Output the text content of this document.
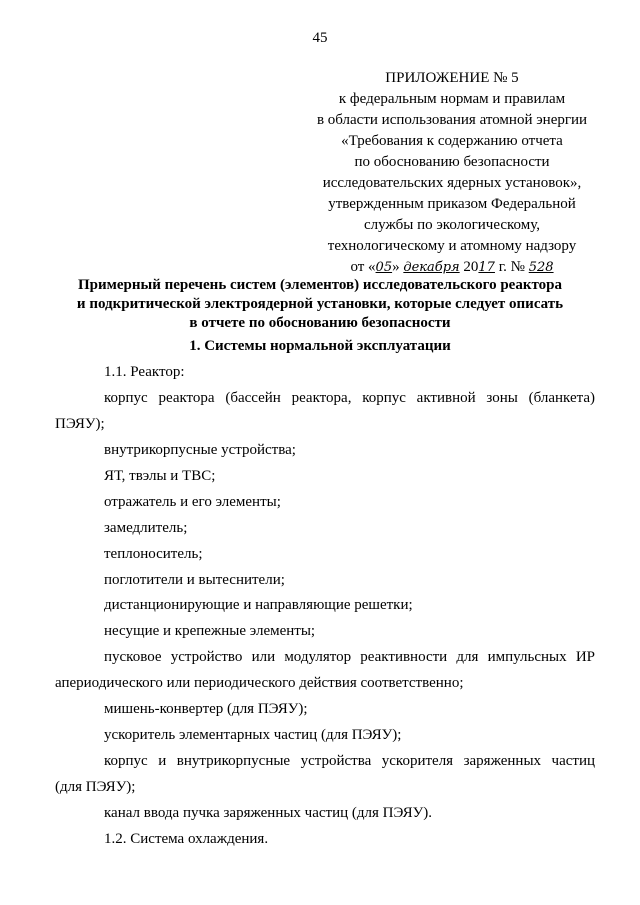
45
ПРИЛОЖЕНИЕ № 5
к федеральным нормам и правилам
в области использования атомной энергии
«Требования к содержанию отчета
по обоснованию безопасности
исследовательских ядерных установок»,
утвержденным приказом Федеральной
службы по экологическому,
технологическому и атомному надзору
от «05» декабря 2017 г. № 528
Примерный перечень систем (элементов) исследовательского реактора
и подкритической электроядерной установки, которые следует описать
в отчете по обоснованию безопасности
1. Системы нормальной эксплуатации
1.1. Реактор:
корпус реактора (бассейн реактора, корпус активной зоны (бланкета)
ПЭЯУ);
внутрикорпусные устройства;
ЯТ, твэлы и ТВС;
отражатель и его элементы;
замедлитель;
теплоноситель;
поглотители и вытеснители;
дистанционирующие и направляющие решетки;
несущие и крепежные элементы;
пусковое устройство или модулятор реактивности для импульсных ИР
апериодического или периодического действия соответственно;
мишень-конвертер (для ПЭЯУ);
ускоритель элементарных частиц (для ПЭЯУ);
корпус и внутрикорпусные устройства ускорителя заряженных частиц
(для ПЭЯУ);
канал ввода пучка заряженных частиц (для ПЭЯУ).
1.2. Система охлаждения.
